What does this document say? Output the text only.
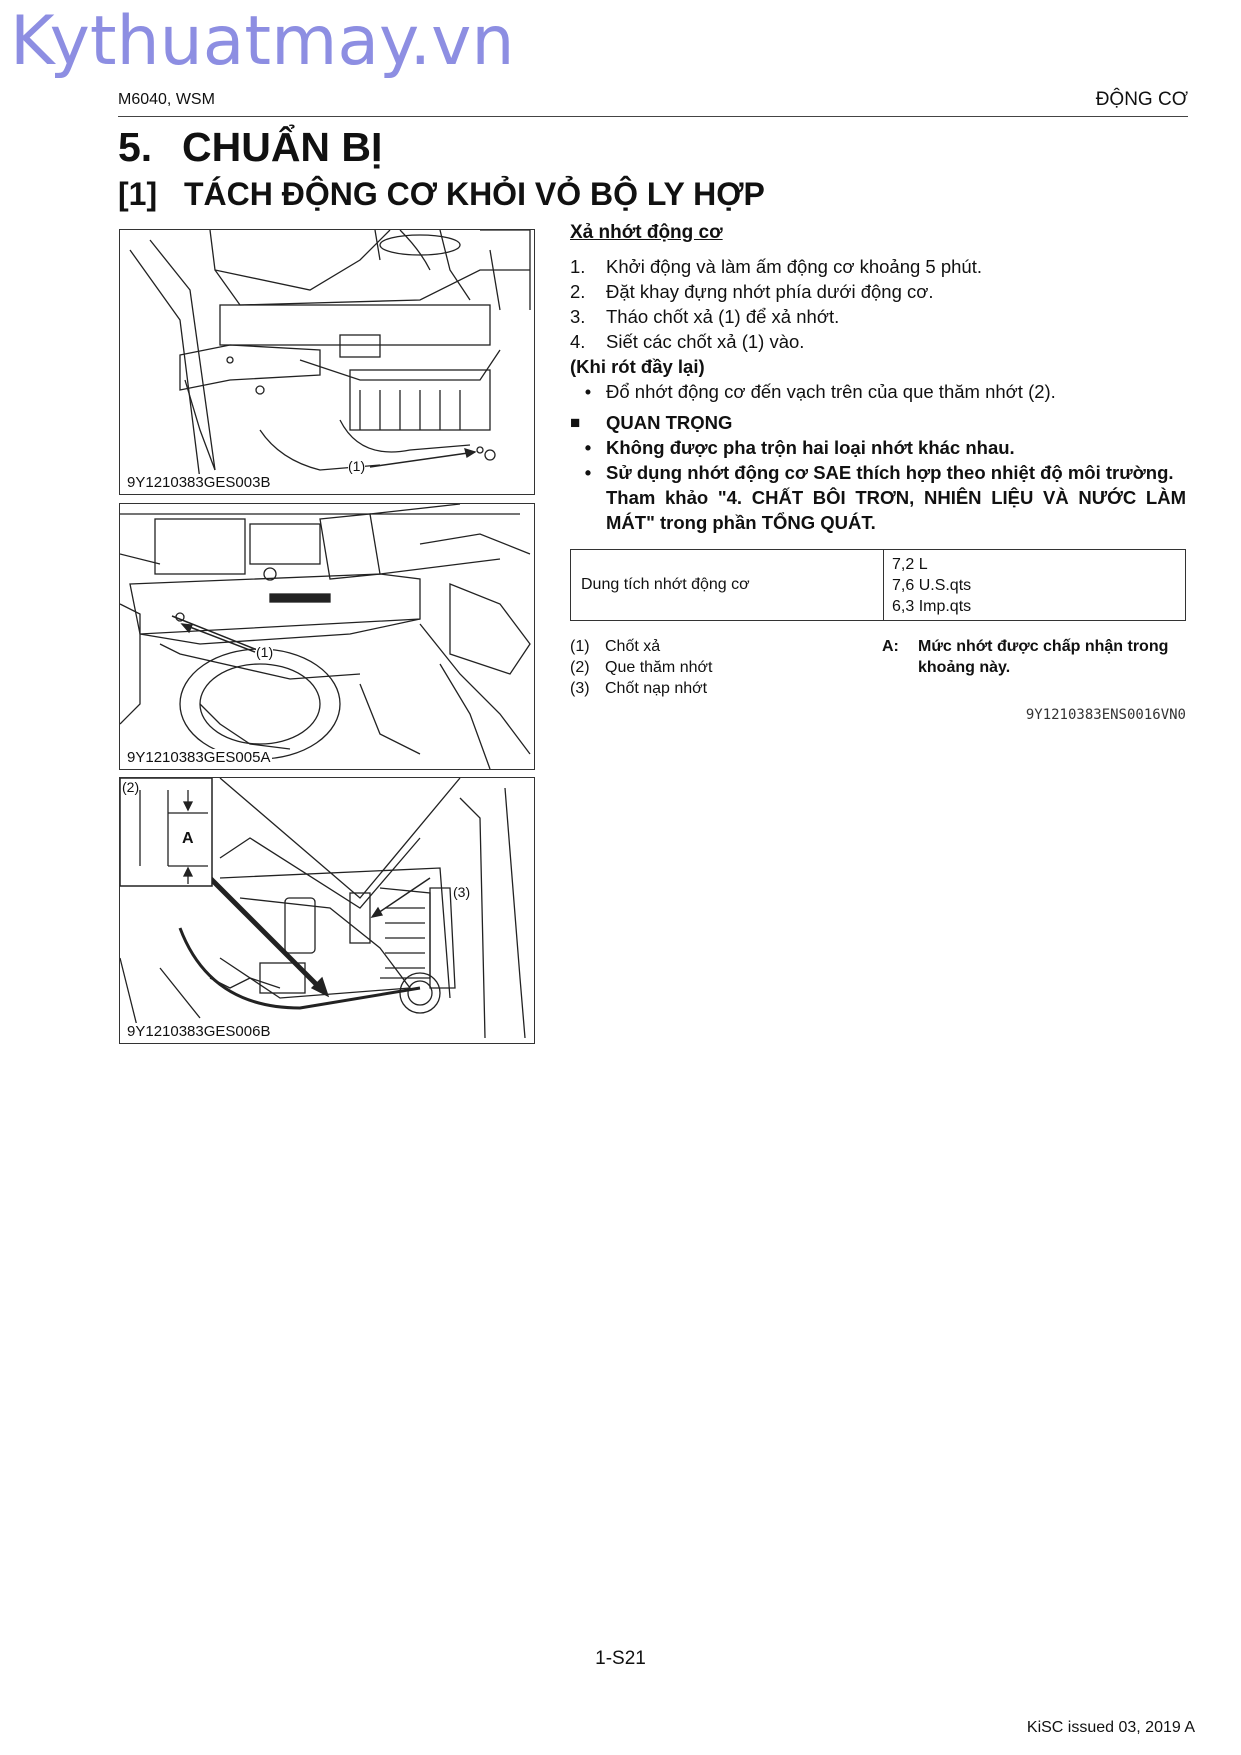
Kythuatmay.vn
M6040, WSM	ĐỘNG CƠ
5. CHUẨN BỊ
[1] TÁCH ĐỘNG CƠ KHỎI VỎ BỘ LY HỢP
(1)
9Y1210383GES003B
(1)
9Y1210383GES005A
(2)
A
(3)
9Y1210383GES006B
Xả nhớt động cơ
1.	Khởi động và làm ấm động cơ khoảng 5 phút.
2.	Đặt khay đựng nhớt phía dưới động cơ.
3.	Tháo chốt xả (1) để xả nhớt.
4.	Siết các chốt xả (1) vào.
(Khi rót đầy lại)
• Đổ nhớt động cơ đến vạch trên của que thăm nhớt (2).
■	QUAN TRỌNG
• Không được pha trộn hai loại nhớt khác nhau.
• Sử dụng nhớt động cơ SAE thích hợp theo nhiệt độ môi trường.
Tham khảo "4. CHẤT BÔI TRƠN, NHIÊN LIỆU VÀ NƯỚC LÀM MÁT" trong phần TỔNG QUÁT.
Dung tích nhớt động cơ	
7,2 L
7,6 U.S.qts
6,3 Imp.qts
(1) Chốt xả
(2) Que thăm nhớt
(3) Chốt nạp nhớt
A:	Mức nhớt được chấp nhận trong khoảng này.
9Y1210383ENS0016VN0
1-S21
KiSC issued 03, 2019 A
